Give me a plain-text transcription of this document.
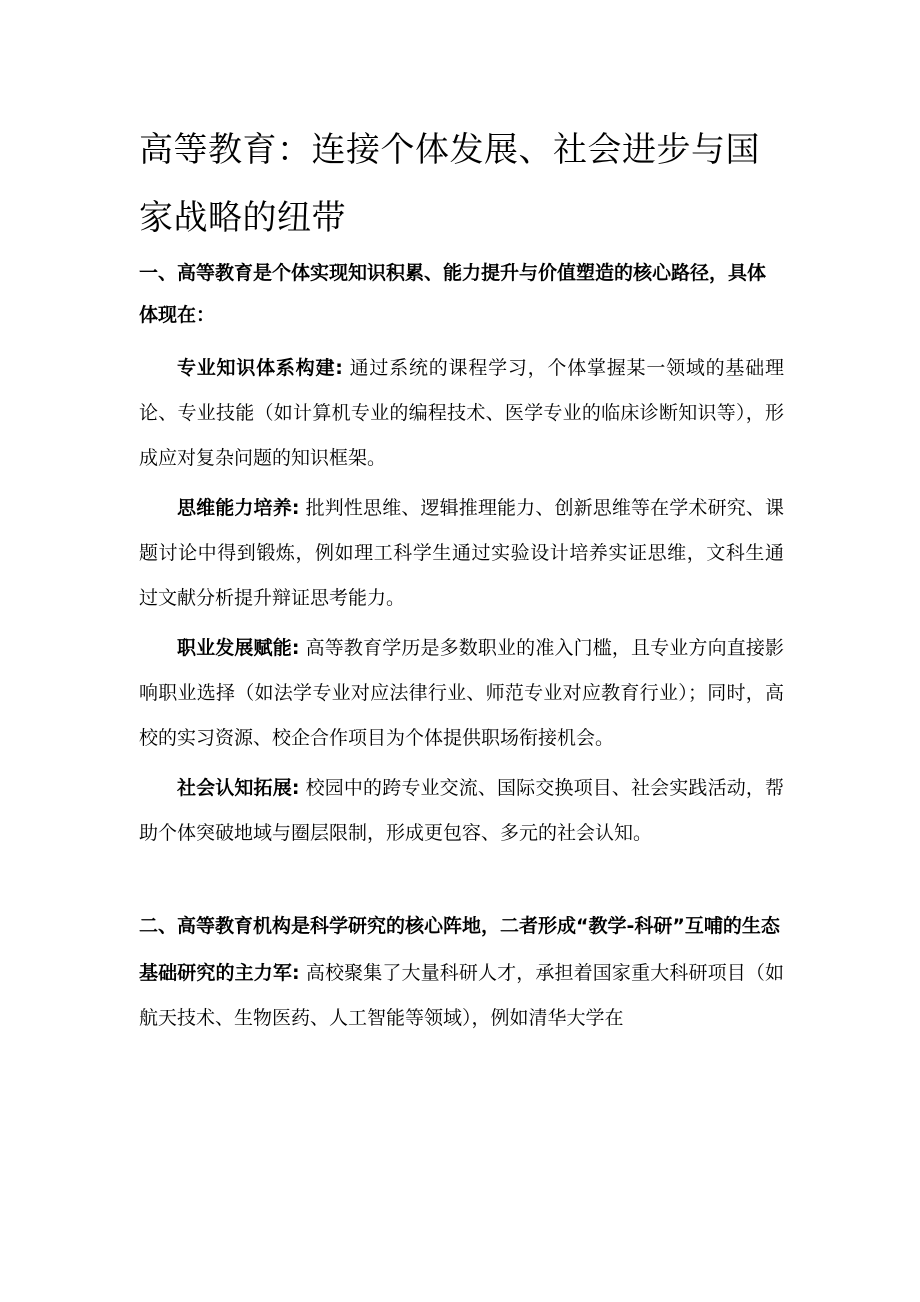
高等教育：连接个体发展、社会进步与国家战略的纽带
一、高等教育是个体实现知识积累、能力提升与价值塑造的核心路径，具体体现在：

专业知识体系构建: 通过系统的课程学习，个体掌握某一领域的基础理论、专业技能（如计算机专业的编程技术、医学专业的临床诊断知识等），形成应对复杂问题的知识框架。

思维能力培养: 批判性思维、逻辑推理能力、创新思维等在学术研究、课题讨论中得到锻炼，例如理工科学生通过实验设计培养实证思维，文科生通过文献分析提升辩证思考能力。

职业发展赋能: 高等教育学历是多数职业的准入门槛，且专业方向直接影响职业选择（如法学专业对应法律行业、师范专业对应教育行业）；同时，高校的实习资源、校企合作项目为个体提供职场衔接机会。

社会认知拓展: 校园中的跨专业交流、国际交换项目、社会实践活动，帮助个体突破地域与圈层限制，形成更包容、多元的社会认知。

二、高等教育机构是科学研究的核心阵地，二者形成“教学-科研”互哺的生态

基础研究的主力军: 高校聚集了大量科研人才，承担着国家重大科研项目（如航天技术、生物医药、人工智能等领域），例如清华大学在
